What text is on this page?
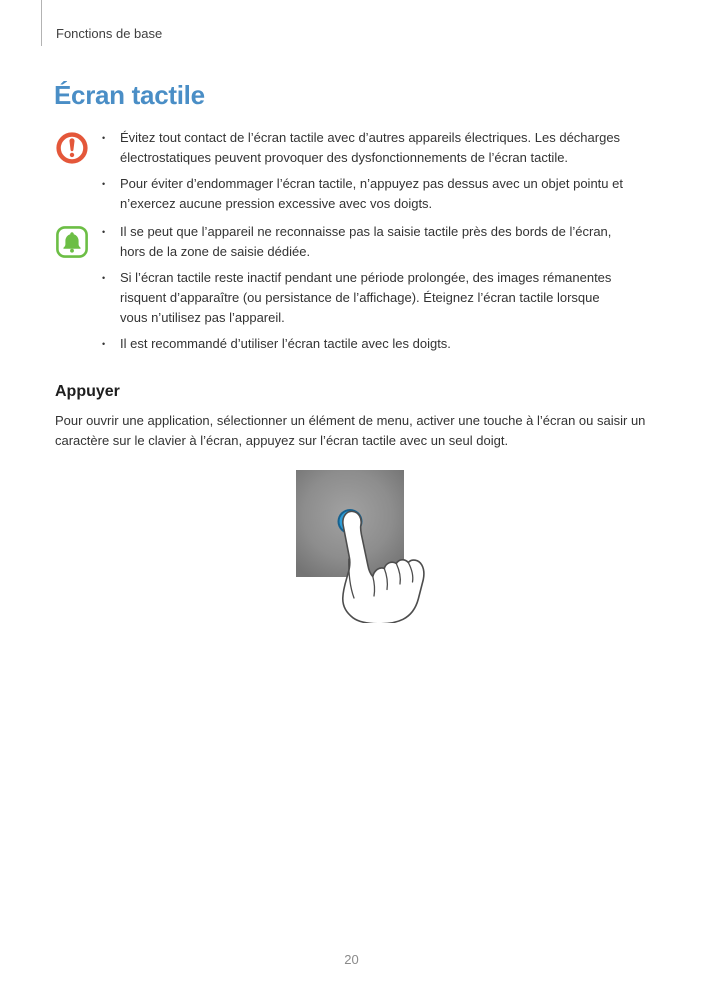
Fonctions de base
Écran tactile
• Évitez tout contact de l’écran tactile avec d’autres appareils électriques. Les décharges électrostatiques peuvent provoquer des dysfonctionnements de l’écran tactile.
• Pour éviter d’endommager l’écran tactile, n’appuyez pas dessus avec un objet pointu et n’exercez aucune pression excessive avec vos doigts.
• Il se peut que l’appareil ne reconnaisse pas la saisie tactile près des bords de l’écran, hors de la zone de saisie dédiée.
• Si l’écran tactile reste inactif pendant une période prolongée, des images rémanentes risquent d’apparaître (ou persistance de l’affichage). Éteignez l’écran tactile lorsque vous n’utilisez pas l’appareil.
• Il est recommandé d’utiliser l’écran tactile avec les doigts.
Appuyer

Pour ouvrir une application, sélectionner un élément de menu, activer une touche à l’écran ou saisir un caractère sur le clavier à l’écran, appuyez sur l’écran tactile avec un seul doigt.

20
